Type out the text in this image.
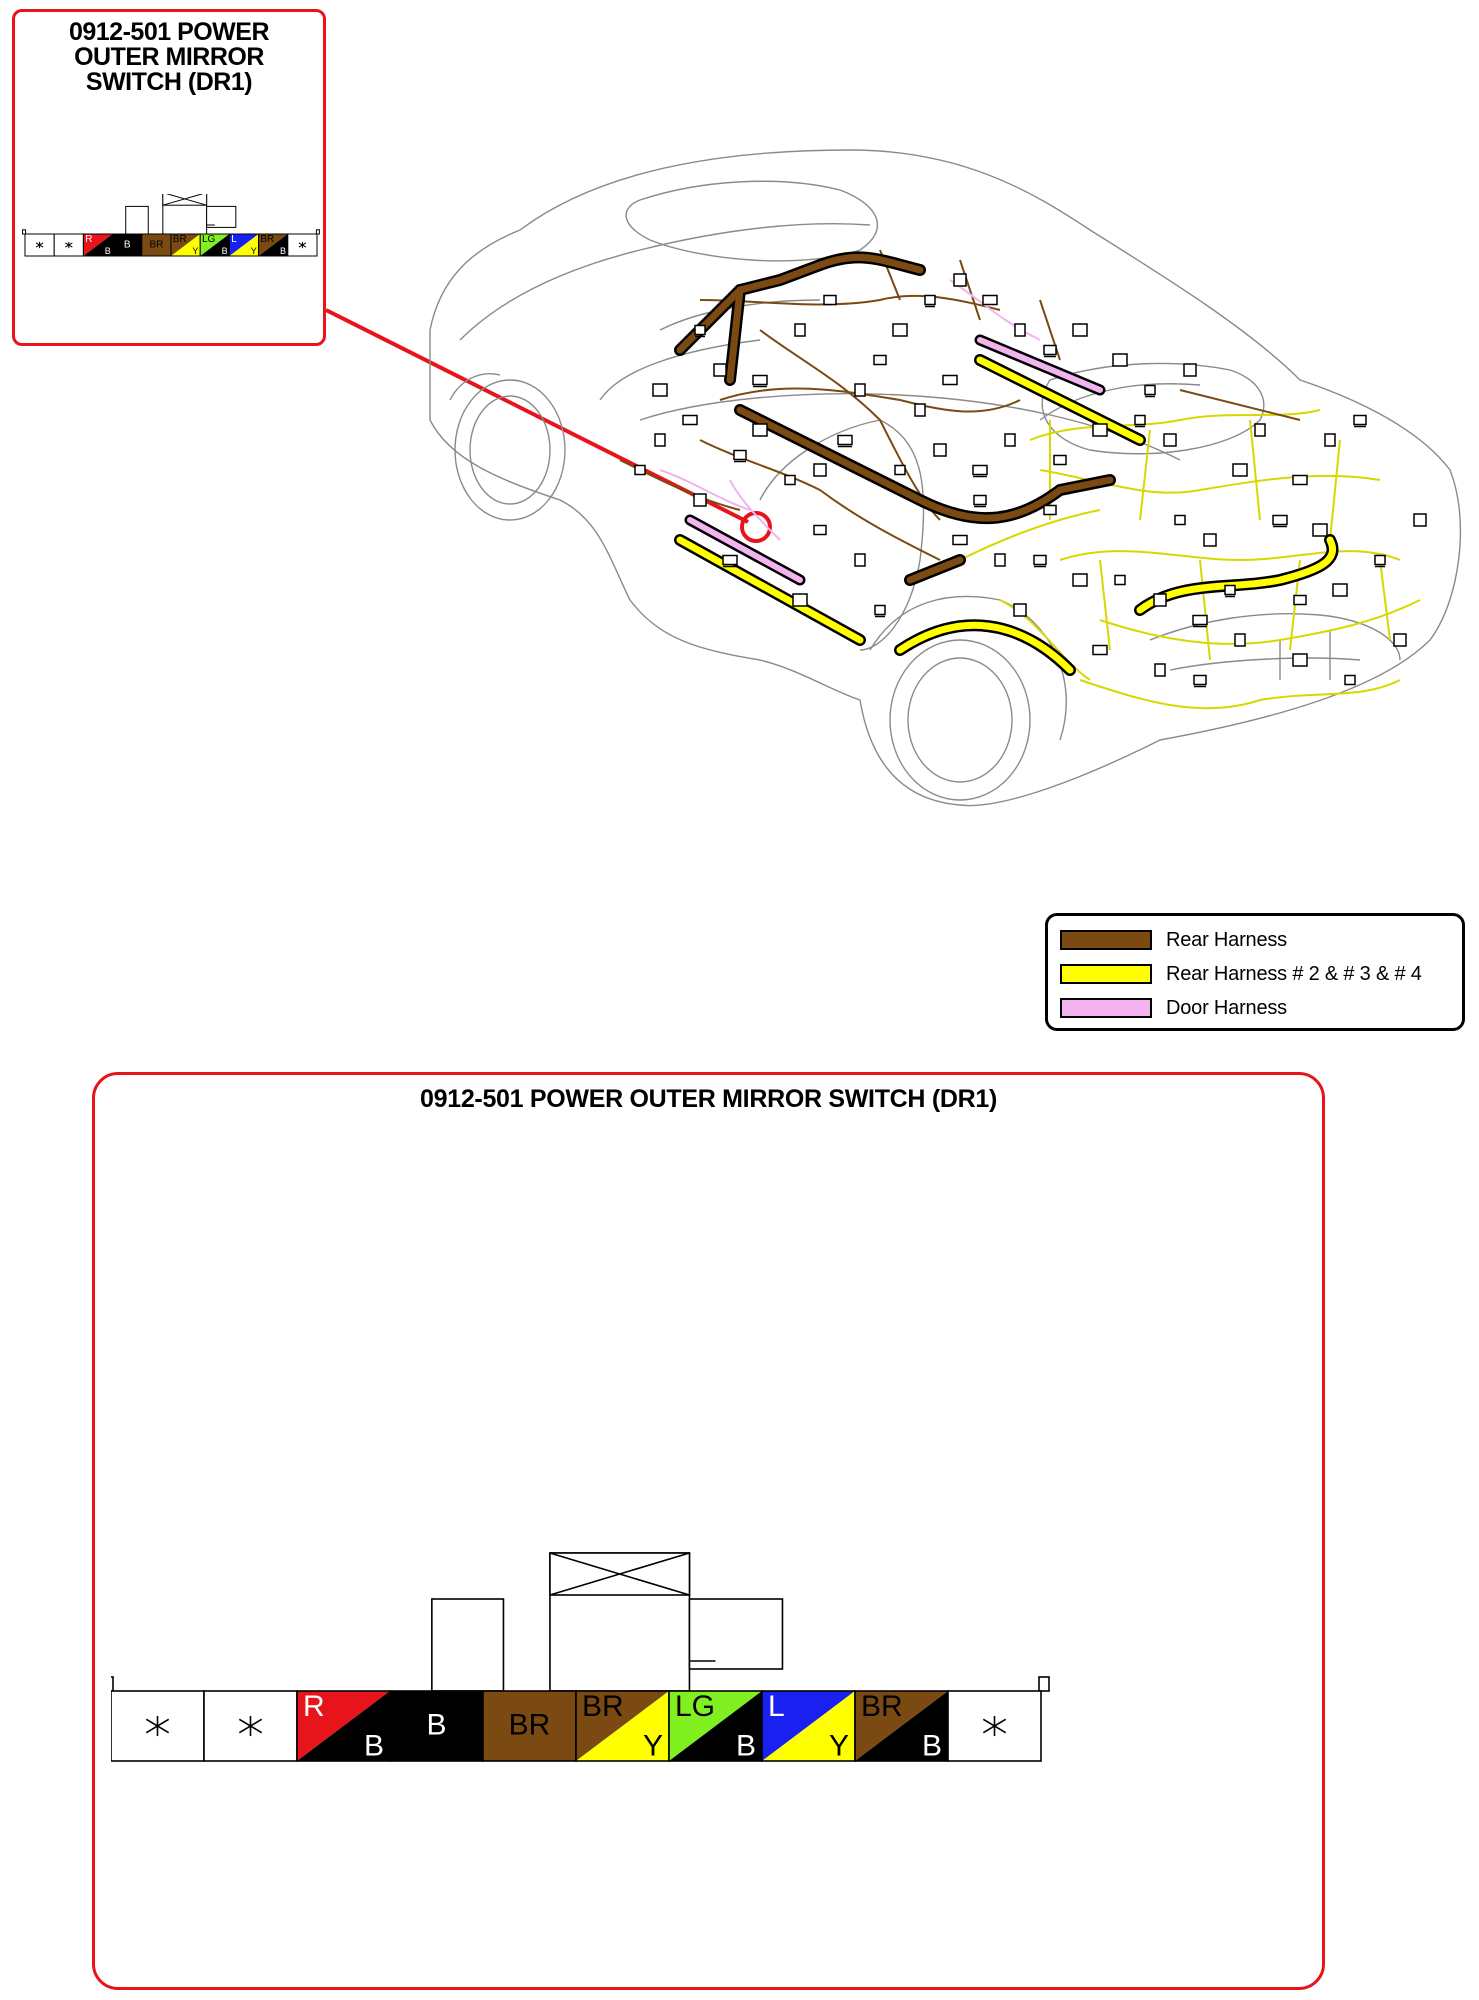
0912-501 POWER
OUTER MIRROR
SWITCH (DR1)
R
B
B BR
BR
Y
LG
B
L
Y
BR
B
Rear Harness
Rear Harness # 2 & # 3 & # 4
Door Harness
0912-501 POWER OUTER MIRROR SWITCH (DR1)
R
B
B BR
BR
Y
LG
B
L
Y
BR
B
